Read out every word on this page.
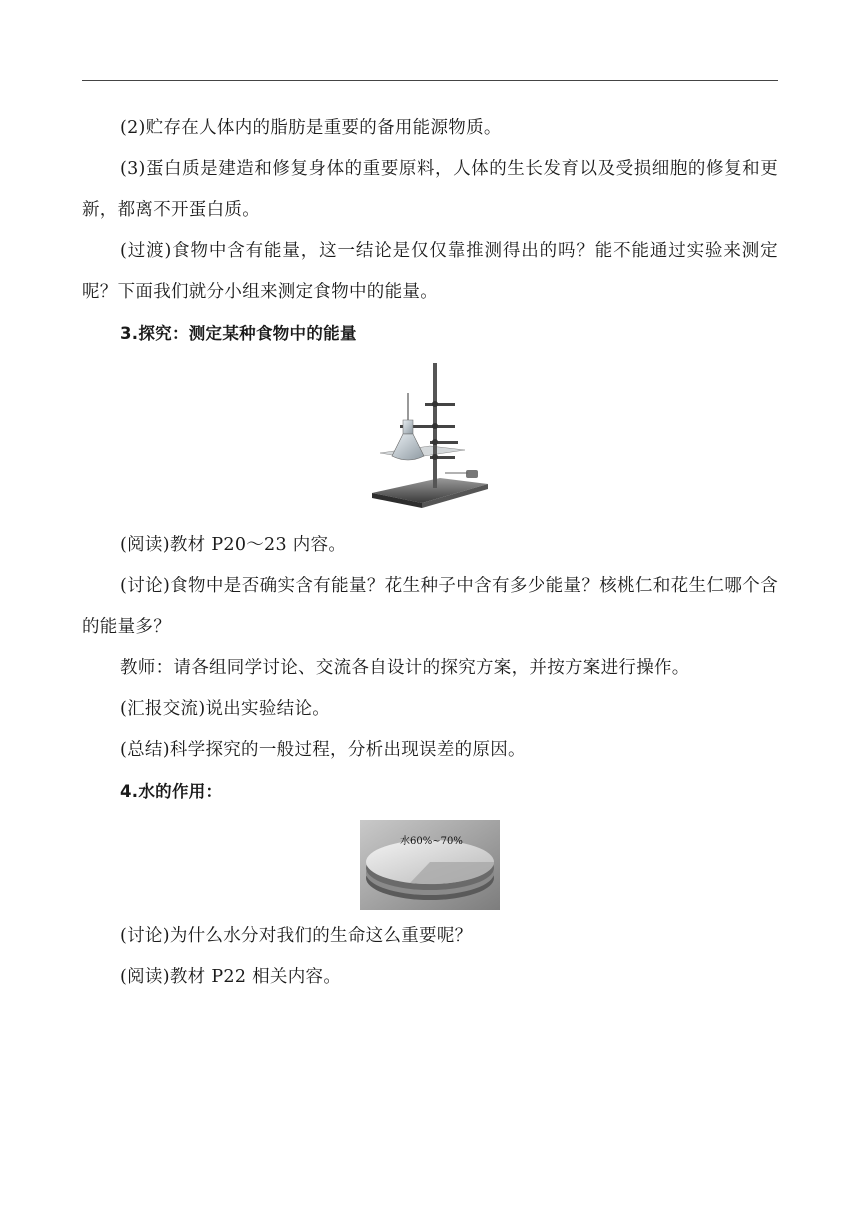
(2)贮存在人体内的脂肪是重要的备用能源物质。

(3)蛋白质是建造和修复身体的重要原料，人体的生长发育以及受损细胞的修复和更新，都离不开蛋白质。

(过渡)食物中含有能量，这一结论是仅仅靠推测得出的吗？能不能通过实验来测定呢？下面我们就分小组来测定食物中的能量。

3.探究：测定某种食物中的能量

(阅读)教材 P20～23 内容。

(讨论)食物中是否确实含有能量？花生种子中含有多少能量？核桃仁和花生仁哪个含的能量多？

教师：请各组同学讨论、交流各自设计的探究方案，并按方案进行操作。

(汇报交流)说出实验结论。

(总结)科学探究的一般过程，分析出现误差的原因。

4.水的作用：

水60%~70%

(讨论)为什么水分对我们的生命这么重要呢？

(阅读)教材 P22 相关内容。
